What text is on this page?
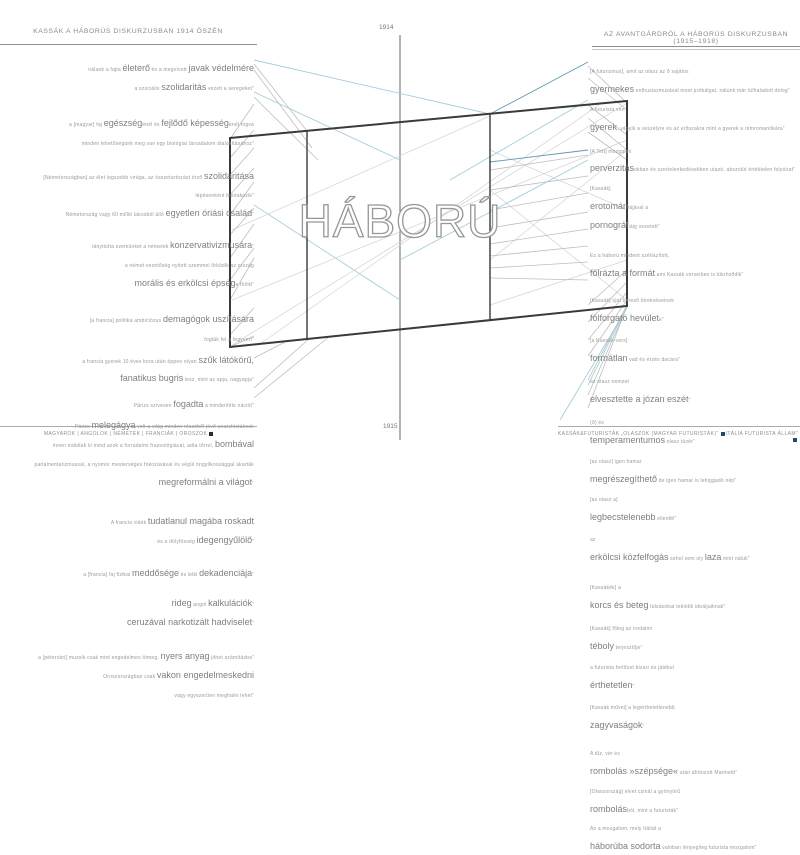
KASSÁK A HÁBORÚS DISKURZUSBAN 1914 ŐSZÉN	AZ AVANTGÁRDRÓL A HÁBORÚS DISKURZUSBAN (1915–1918)
1914
1915
HÁBORÚ
nálunk a fajta életerő és a megvívott javak védelmére
a szociális szolidaritás vezeti a seregeket”
a [magyar] faj egészségénél és fejlődő képességénél fogva
minden lehetőségünk meg van egy biológiai társadalom átalakításához”
[Németországban] az élet legszebb virága, az összetartozást érző szolidaritása
lépésenként bontakozik”
Németország vagy 60 millió lakosból álló egyetlen óriási család”
rányitotta szemünket a németek konzervativizmusára”
a német vezetőség nyitott szemmel őrködik az ország
morális és erkölcsi épsége fölött”
[a francia] politika ambiciózus demagógok uszítására
fogták fel a fegyvert”
a francia gyerek 10 éves kora után éppen olyan szűk látókörű,
fanatikus bugris lesz, mint az apja, nagyapja”
Párizs szívesen fogadta a mindenféle nációt”
Párizs melegágya volt a világ minden részéből jövő anarchistáknak
innen indultak ki mind azok a forradalmi frazeológiával, adta tőrrel, bombával
parlamentarizmussal, a nyomor mesterséges fokozásával és végül öngyilkossággal akarták
megreformálni a világot”
A francia vidék tudatlanul magába roskadt
és a dölyfösség idegengyűlölő”
a [francia] faj fizikai meddősége és lelki dekadenciája”
rideg angol kalkulációk”
ceruzával narkotizált hadviselet”
a [pétervári] muzsik csak mint engedelmes tömeg, nyers anyag jöhet számításba”
Oroszországban csak vakon engedelmeskedni
vagy egyszerűen meghalni lehet”
[A futurizmus], amit az olasz az ő sajátos
gyermekes enthusiazmusával most próbálgat, nálunk már túlhaladott dolog”
A futurista vén
gyerek, vágyik a veszélyre és az erőszakra mint a gyerek a rémromantikára”
[A Tett] mozgalmi
perverzitásokban és szertelenkedésekben utazó, abszolút értéktelen folyóirat”
[Kassák]
erotomániájával a
pornográfiáig vezetett”
Ez a háború mindent szétlazított,
fölrázta a formát ami Kassák verseiben is tükröződik”
[Kassák] újat kereső törekvéseinek
fölforgató hevülete”
[a Kassák-vers]
formátlan vad és érzés dacára”
az olasz nemzet
elvesztette a józan eszét”
(ő) és
temperamentumos olasz tüzér”
[az olasz] igen hamar
megrészegíthető de igen hamar is lehiggadó nép”
[az olasz a]
legbecstelenebb ellenfél”
az
erkölcsi közfelfogás sehol sem oly laza mint náluk”
[Kassákék] a
korcs és beteg túlzásokat tekintik ideáljaiknak”
[Kassák] főleg az irodalmi
téboly terjesztője”
a futurista fertőzet bizarr és játékul
érthetetlen”
[Kassák művei] a legérthetetlenebb
zagyvaságok”
A tűz, vér és
rombolás »szépsége« után áhítozott Marinetti”
[Olaszország] elvet csinál a gyönyörű
rombolásból, mint a futuristák”
Az a mozgalom, mely Itáliát a
háborúba sodorta valóban lényegileg futurista mozgalom”
MAGYAROK | ANGOLOK | NÉMETEK | FRANCIÁK | OROSZOK	KASSÁK&FUTURISTÁK „OLASZOK (MAGYAR FUTURISTÁK)” ITÁLIA FUTURISTA ÁLLAM”
